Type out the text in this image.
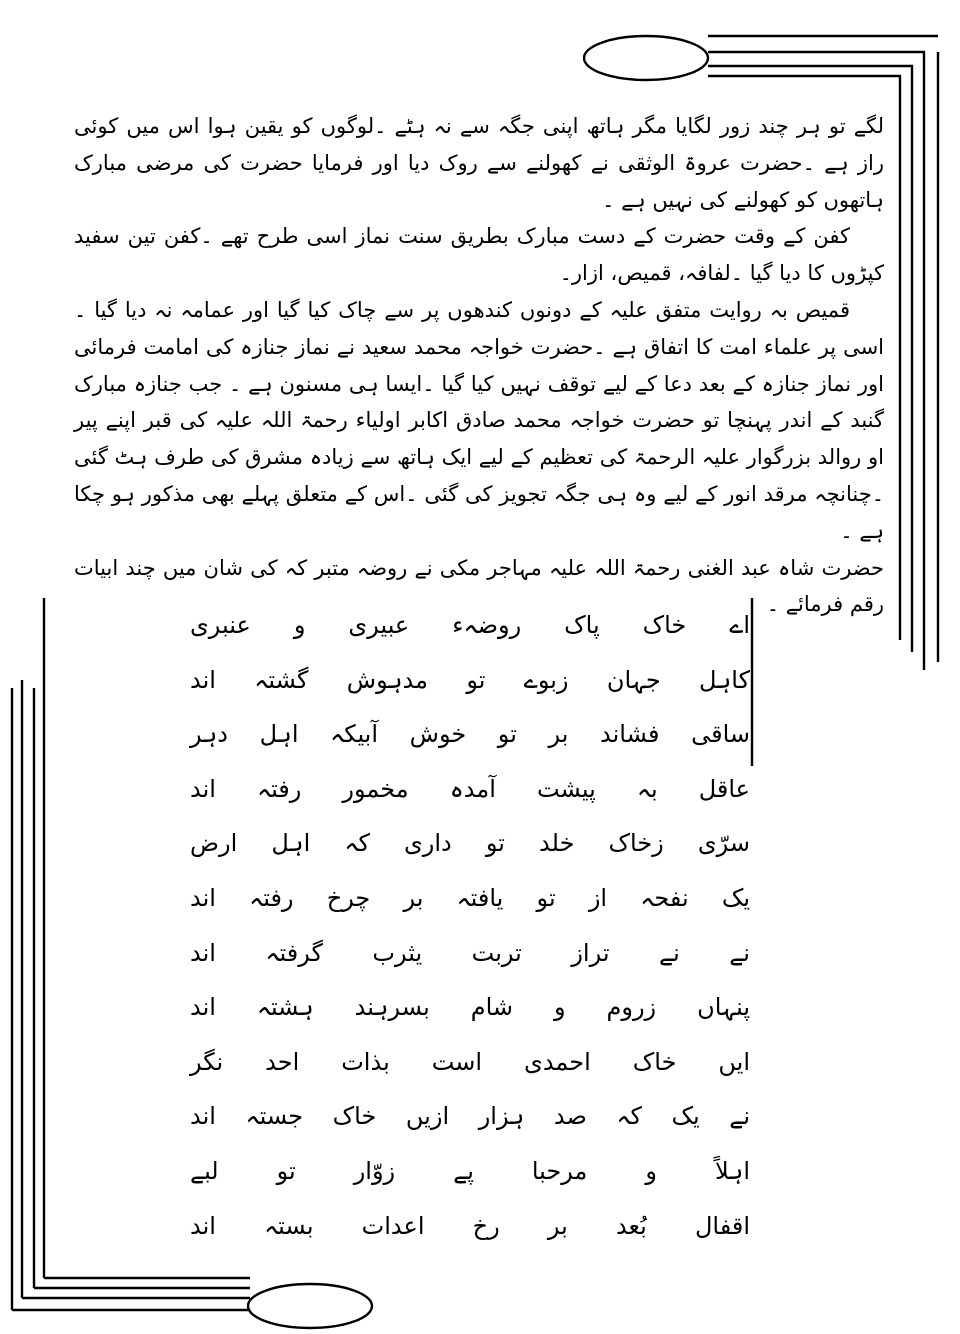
لگے تو ہر چند زور لگایا مگر ہاتھ اپنی جگہ سے نہ ہٹے ۔لوگوں کو یقین ہوا اس میں کوئی راز ہے ۔حضرت عروۃ الوثقی نے کھولنے سے روک دیا اور فرمایا حضرت کی مرضی مبارک ہاتھوں کو کھولنے کی نہیں ہے ۔

کفن کے وقت حضرت کے دست مبارک بطریق سنت نماز اسی طرح تھے ۔کفن تین سفید کپڑوں کا دیا گیا ۔لفافہ، قمیص، ازار۔

قمیص بہ روایت متفق علیہ کے دونوں کندھوں پر سے چاک کیا گیا اور عمامہ نہ دیا گیا ۔اسی پر علماء امت کا اتفاق ہے ۔حضرت خواجہ محمد سعید نے نماز جنازہ کی امامت فرمائی اور نماز جنازہ کے بعد دعا کے لیے توقف نہیں کیا گیا ۔ایسا ہی مسنون ہے ۔ جب جنازہ مبارک گنبد کے اندر پہنچا تو حضرت خواجہ محمد صادق اکابر اولیاء رحمۃ اللہ علیہ کی قبر اپنے پیر او روالد بزرگوار علیہ الرحمۃ کی تعظیم کے لیے ایک ہاتھ سے زیادہ مشرق کی طرف ہٹ گئی ۔چنانچہ مرقد انور کے لیے وہ ہی جگہ تجویز کی گئی ۔اس کے متعلق پہلے بھی مذکور ہو چکا ہے ۔

حضرت شاہ عبد الغنی رحمۃ اللہ علیہ مہاجر مکی نے روضہ متبر کہ کی شان میں چند ابیات رقم فرمائے ۔

اے خاک پاک روضہء عبیری و عنبری
کاہل جہان زبوے تو مدہوش گشتہ اند
ساقی فشاند بر تو خوش آبیکہ اہل دہر
عاقل بہ پیشت آمدہ مخمور رفتہ اند
سرّی زخاک خلد تو داری کہ اہل ارض
یک نفحہ از تو یافتہ بر چرخ رفتہ اند
نے نے تراز تربت یثرب گرفتہ اند
پنہاں زروم و شام بسرہند ہشتہ اند
ایں خاک احمدی است بذات احد نگر
نے یک کہ صد ہزار ازیں خاک جستہ اند
اہلاً و مرحبا پے زوّار تو لبے
اقفال بُعد بر رخ اعدات بستہ اند
